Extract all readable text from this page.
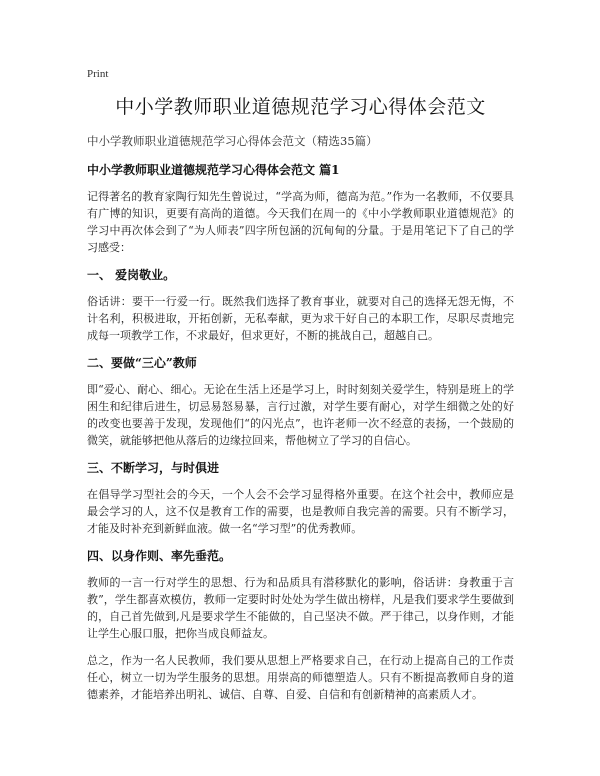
Print
中小学教师职业道德规范学习心得体会范文

中小学教师职业道德规范学习心得体会范文（精选35篇）

中小学教师职业道德规范学习心得体会范文 篇1

记得著名的教育家陶行知先生曾说过，“学高为师，德高为范。”作为一名教师，不仅要具有广博的知识，更要有高尚的道德。今天我们在周一的《中小学教师职业道德规范》的学习中再次体会到了“为人师表”四字所包涵的沉甸甸的分量。于是用笔记下了自己的学习感受：

一、 爱岗敬业。

俗话讲：要干一行爱一行。既然我们选择了教育事业，就要对自己的选择无怨无悔，不计名利，积极进取，开拓创新，无私奉献，更为求干好自己的本职工作，尽职尽责地完成每一项教学工作，不求最好，但求更好，不断的挑战自己，超越自己。

二、要做“三心”教师

即“爱心、耐心、细心。无论在生活上还是学习上，时时刻刻关爱学生，特别是班上的学困生和纪律后进生，切忌易怒易暴，言行过激，对学生要有耐心，对学生细微之处的好的改变也要善于发现，发现他们“的闪光点”，也许老师一次不经意的表扬，一个鼓励的微笑，就能够把他从落后的边缘拉回来，帮他树立了学习的自信心。

三、不断学习，与时俱进

在倡导学习型社会的今天，一个人会不会学习显得格外重要。在这个社会中，教师应是最会学习的人，这不仅是教育工作的需要，也是教师自我完善的需要。只有不断学习，才能及时补充到新鲜血液。做一名“学习型”的优秀教师。

四、以身作则、率先垂范。

教师的一言一行对学生的思想、行为和品质具有潜移默化的影响，俗话讲：身教重于言教”，学生都喜欢模仿，教师一定要时时处处为学生做出榜样，凡是我们要求学生要做到的，自己首先做到,凡是要求学生不能做的，自己坚决不做。严于律己，以身作则，才能让学生心服口服，把你当成良师益友。

总之，作为一名人民教师，我们要从思想上严格要求自己，在行动上提高自己的工作责任心，树立一切为学生服务的思想。用崇高的师德塑造人。只有不断提高教师自身的道德素养，才能培养出明礼、诚信、自尊、自爱、自信和有创新精神的高素质人才。
